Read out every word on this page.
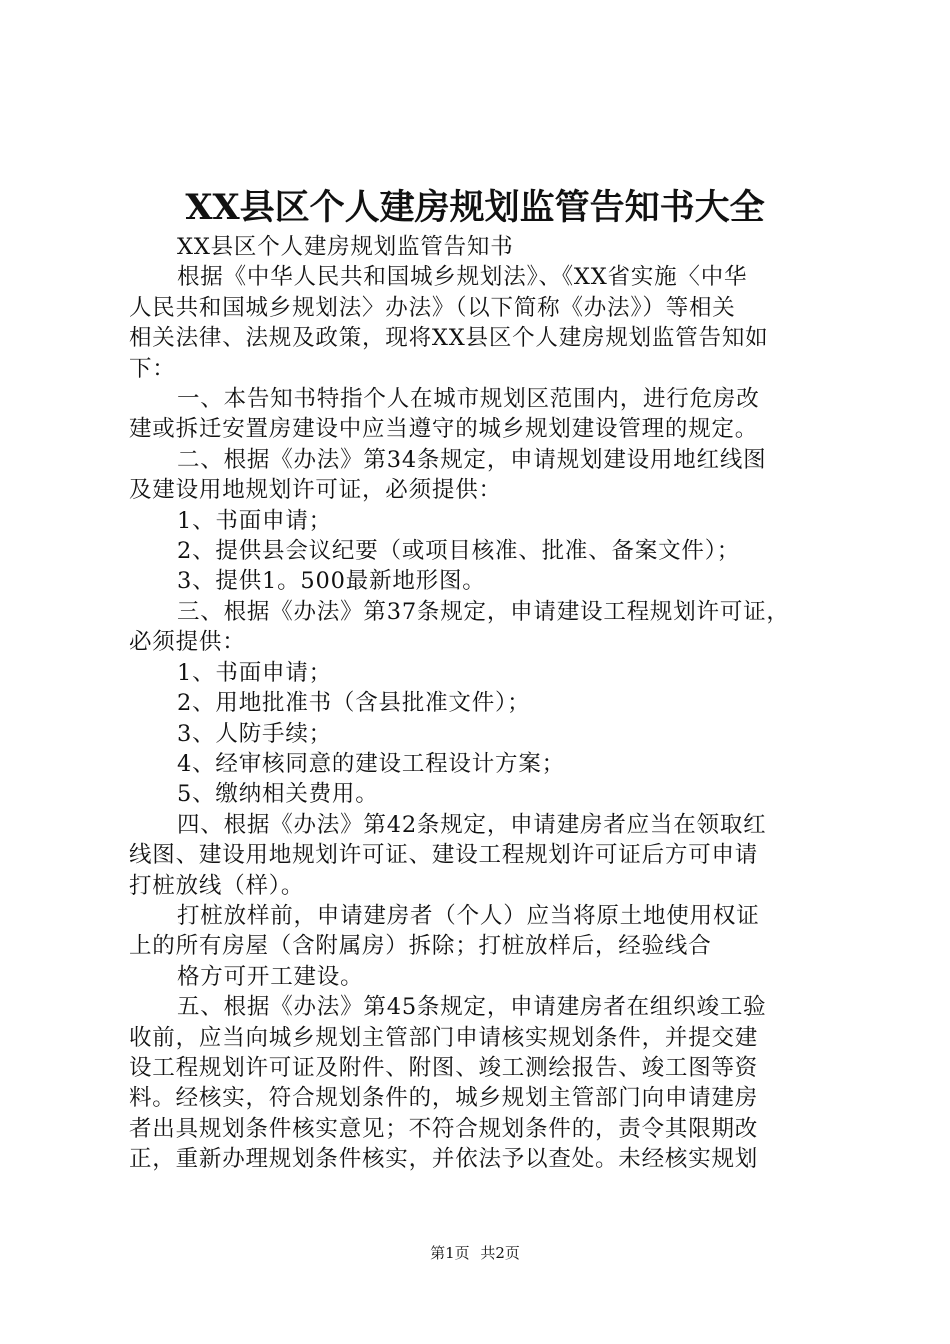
XX县区个人建房规划监管告知书大全

XX县区个人建房规划监管告知书

根据《中华人民共和国城乡规划法》、《XX省实施〈中华

人民共和国城乡规划法〉办法》（以下简称《办法》）等相关

相关法律、法规及政策，现将XX县区个人建房规划监管告知如

下：

一、本告知书特指个人在城市规划区范围内，进行危房改

建或拆迁安置房建设中应当遵守的城乡规划建设管理的规定。

二、根据《办法》第34条规定，申请规划建设用地红线图

及建设用地规划许可证，必须提供：

1、书面申请；

2、提供县会议纪要（或项目核准、批准、备案文件）；

3、提供1。500最新地形图。

三、根据《办法》第37条规定，申请建设工程规划许可证，

必须提供：

1、书面申请；

2、用地批准书（含县批准文件）；

3、人防手续；

4、经审核同意的建设工程设计方案；

5、缴纳相关费用。

四、根据《办法》第42条规定，申请建房者应当在领取红

线图、建设用地规划许可证、建设工程规划许可证后方可申请

打桩放线（样）。

打桩放样前，申请建房者（个人）应当将原土地使用权证

上的所有房屋（含附属房）拆除；打桩放样后，经验线合

格方可开工建设。

五、根据《办法》第45条规定，申请建房者在组织竣工验

收前，应当向城乡规划主管部门申请核实规划条件，并提交建

设工程规划许可证及附件、附图、竣工测绘报告、竣工图等资

料。经核实，符合规划条件的，城乡规划主管部门向申请建房

者出具规划条件核实意见；不符合规划条件的，责令其限期改

正，重新办理规划条件核实，并依法予以查处。未经核实规划

第1页 共2页
